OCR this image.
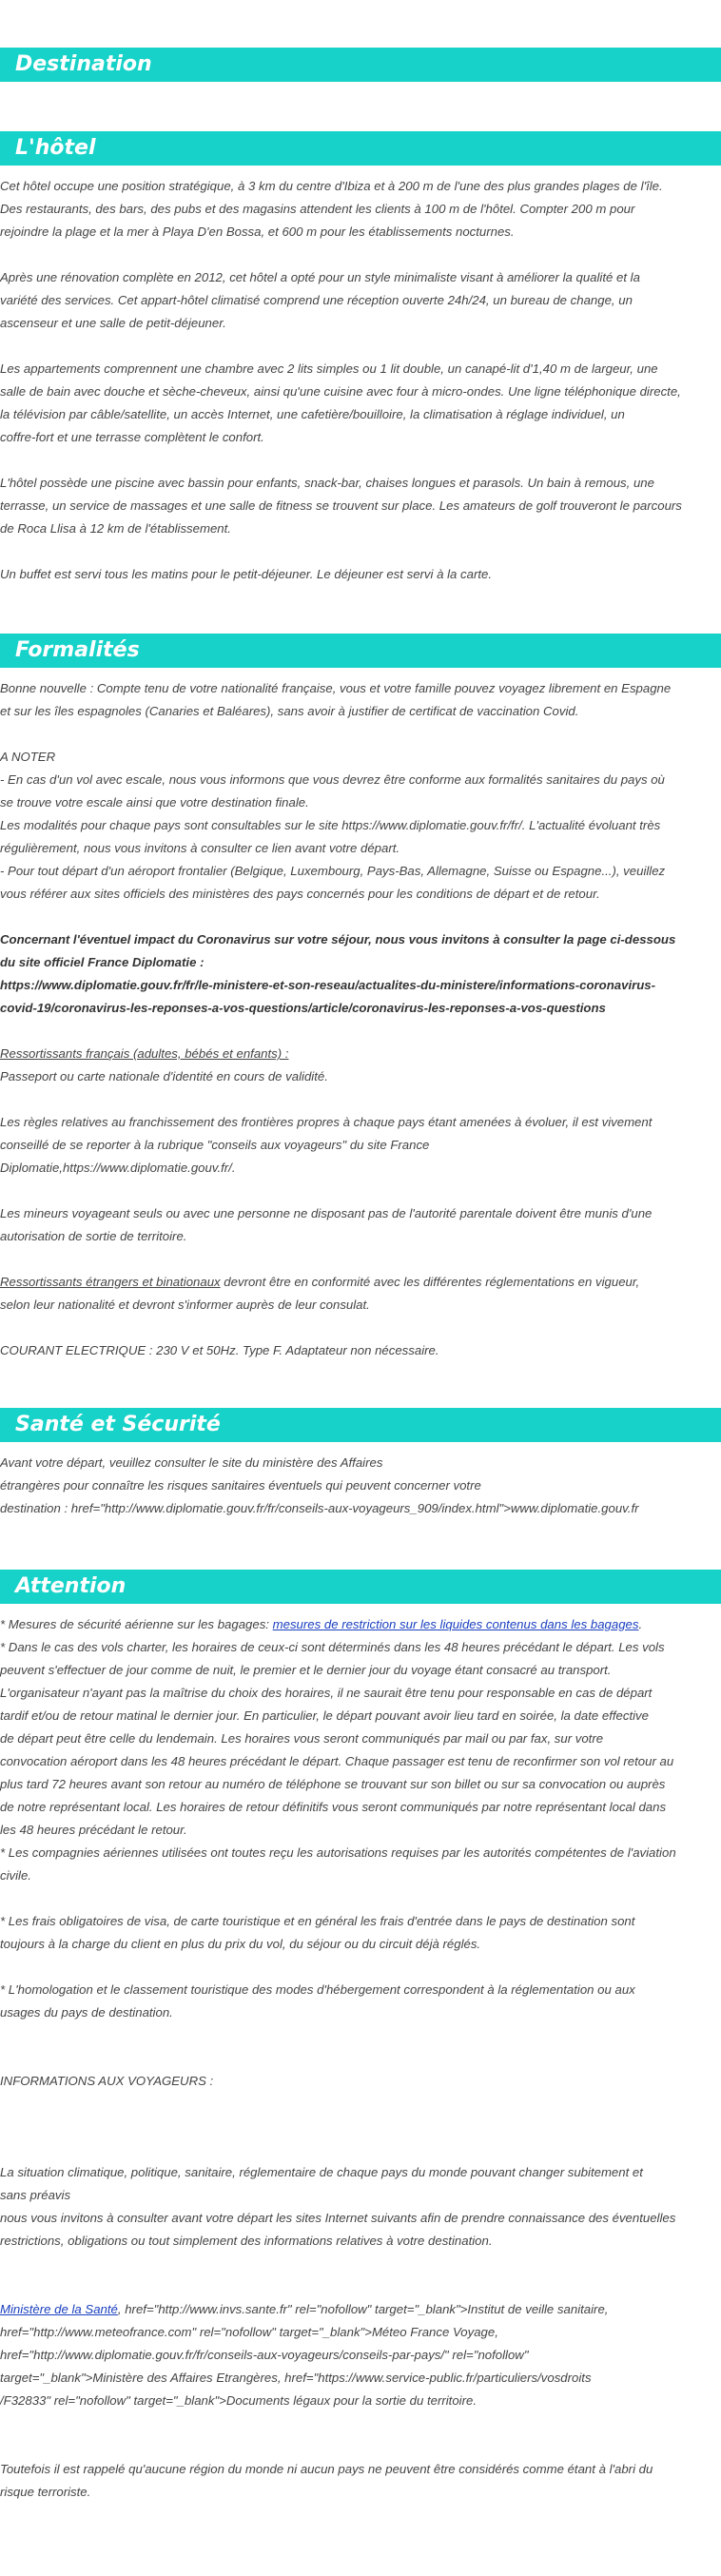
Destination
L'hôtel
Cet hôtel occupe une position stratégique, à 3 km du centre d'Ibiza et à 200 m de l'une des plus grandes plages de l'île.
Des restaurants, des bars, des pubs et des magasins attendent les clients à 100 m de l'hôtel. Compter 200 m pour
rejoindre la plage et la mer à Playa D'en Bossa, et 600 m pour les établissements nocturnes.
Après une rénovation complète en 2012, cet hôtel a opté pour un style minimaliste visant à améliorer la qualité et la
variété des services. Cet appart-hôtel climatisé comprend une réception ouverte 24h/24, un bureau de change, un
ascenseur et une salle de petit-déjeuner.
Les appartements comprennent une chambre avec 2 lits simples ou 1 lit double, un canapé-lit d'1,40 m de largeur, une
salle de bain avec douche et sèche-cheveux, ainsi qu'une cuisine avec four à micro-ondes. Une ligne téléphonique directe,
la télévision par câble/satellite, un accès Internet, une cafetière/bouilloire, la climatisation à réglage individuel, un
coffre-fort et une terrasse complètent le confort.
L'hôtel possède une piscine avec bassin pour enfants, snack-bar, chaises longues et parasols. Un bain à remous, une
terrasse, un service de massages et une salle de fitness se trouvent sur place. Les amateurs de golf trouveront le parcours
de Roca Llisa à 12 km de l'établissement.
Un buffet est servi tous les matins pour le petit-déjeuner. Le déjeuner est servi à la carte.
Formalités
Bonne nouvelle : Compte tenu de votre nationalité française, vous et votre famille pouvez voyagez librement en Espagne
et sur les îles espagnoles (Canaries et Baléares), sans avoir à justifier de certificat de vaccination Covid.
A NOTER
- En cas d'un vol avec escale, nous vous informons que vous devrez être conforme aux formalités sanitaires du pays où
se trouve votre escale ainsi que votre destination finale.
Les modalités pour chaque pays sont consultables sur le site https://www.diplomatie.gouv.fr/fr/. L'actualité évoluant très
régulièrement, nous vous invitons à consulter ce lien avant votre départ.
- Pour tout départ d'un aéroport frontalier (Belgique, Luxembourg, Pays-Bas, Allemagne, Suisse ou Espagne...), veuillez
vous référer aux sites officiels des ministères des pays concernés pour les conditions de départ et de retour.
Concernant l'éventuel impact du Coronavirus sur votre séjour, nous vous invitons à consulter la page ci-dessous
du site officiel France Diplomatie :
https://www.diplomatie.gouv.fr/fr/le-ministere-et-son-reseau/actualites-du-ministere/informations-coronavirus-
covid-19/coronavirus-les-reponses-a-vos-questions/article/coronavirus-les-reponses-a-vos-questions
Ressortissants français (adultes, bébés et enfants) :
Passeport ou carte nationale d'identité en cours de validité.
Les règles relatives au franchissement des frontières propres à chaque pays étant amenées à évoluer, il est vivement
conseillé de se reporter à la rubrique "conseils aux voyageurs" du site France
Diplomatie,https://www.diplomatie.gouv.fr/.
Les mineurs voyageant seuls ou avec une personne ne disposant pas de l'autorité parentale doivent être munis d'une
autorisation de sortie de territoire.
Ressortissants étrangers et binationaux devront être en conformité avec les différentes réglementations en vigueur,
selon leur nationalité et devront s'informer auprès de leur consulat.
COURANT ELECTRIQUE : 230 V et 50Hz. Type F. Adaptateur non nécessaire.
Santé et Sécurité
Avant votre départ, veuillez consulter le site du ministère des Affaires
étrangères pour connaître les risques sanitaires éventuels qui peuvent concerner votre
destination : href="http://www.diplomatie.gouv.fr/fr/conseils-aux-voyageurs_909/index.html">www.diplomatie.gouv.fr
Attention
* Mesures de sécurité aérienne sur les bagages: mesures de restriction sur les liquides contenus dans les bagages.
* Dans le cas des vols charter, les horaires de ceux-ci sont déterminés dans les 48 heures précédant le départ. Les vols
peuvent s'effectuer de jour comme de nuit, le premier et le dernier jour du voyage étant consacré au transport.
L'organisateur n'ayant pas la maîtrise du choix des horaires, il ne saurait être tenu pour responsable en cas de départ
tardif et/ou de retour matinal le dernier jour. En particulier, le départ pouvant avoir lieu tard en soirée, la date effective
de départ peut être celle du lendemain. Les horaires vous seront communiqués par mail ou par fax, sur votre
convocation aéroport dans les 48 heures précédant le départ. Chaque passager est tenu de reconfirmer son vol retour au
plus tard 72 heures avant son retour au numéro de téléphone se trouvant sur son billet ou sur sa convocation ou auprès
de notre représentant local. Les horaires de retour définitifs vous seront communiqués par notre représentant local dans
les 48 heures précédant le retour.
* Les compagnies aériennes utilisées ont toutes reçu les autorisations requises par les autorités compétentes de l'aviation
civile.
* Les frais obligatoires de visa, de carte touristique et en général les frais d'entrée dans le pays de destination sont
toujours à la charge du client en plus du prix du vol, du séjour ou du circuit déjà réglés.
* L'homologation et le classement touristique des modes d'hébergement correspondent à la réglementation ou aux
usages du pays de destination.
INFORMATIONS AUX VOYAGEURS :
La situation climatique, politique, sanitaire, réglementaire de chaque pays du monde pouvant changer subitement et
sans préavis
nous vous invitons à consulter avant votre départ les sites Internet suivants afin de prendre connaissance des éventuelles
restrictions, obligations ou tout simplement des informations relatives à votre destination.
Ministère de la Santé, href="http://www.invs.sante.fr" rel="nofollow" target="_blank">Institut de veille sanitaire,
href="http://www.meteofrance.com" rel="nofollow" target="_blank">Méteo France Voyage,
href="http://www.diplomatie.gouv.fr/fr/conseils-aux-voyageurs/conseils-par-pays/" rel="nofollow"
target="_blank">Ministère des Affaires Etrangères, href="https://www.service-public.fr/particuliers/vosdroits
/F32833" rel="nofollow" target="_blank">Documents légaux pour la sortie du territoire.
Toutefois il est rappelé qu'aucune région du monde ni aucun pays ne peuvent être considérés comme étant à l'abri du
risque terroriste.
